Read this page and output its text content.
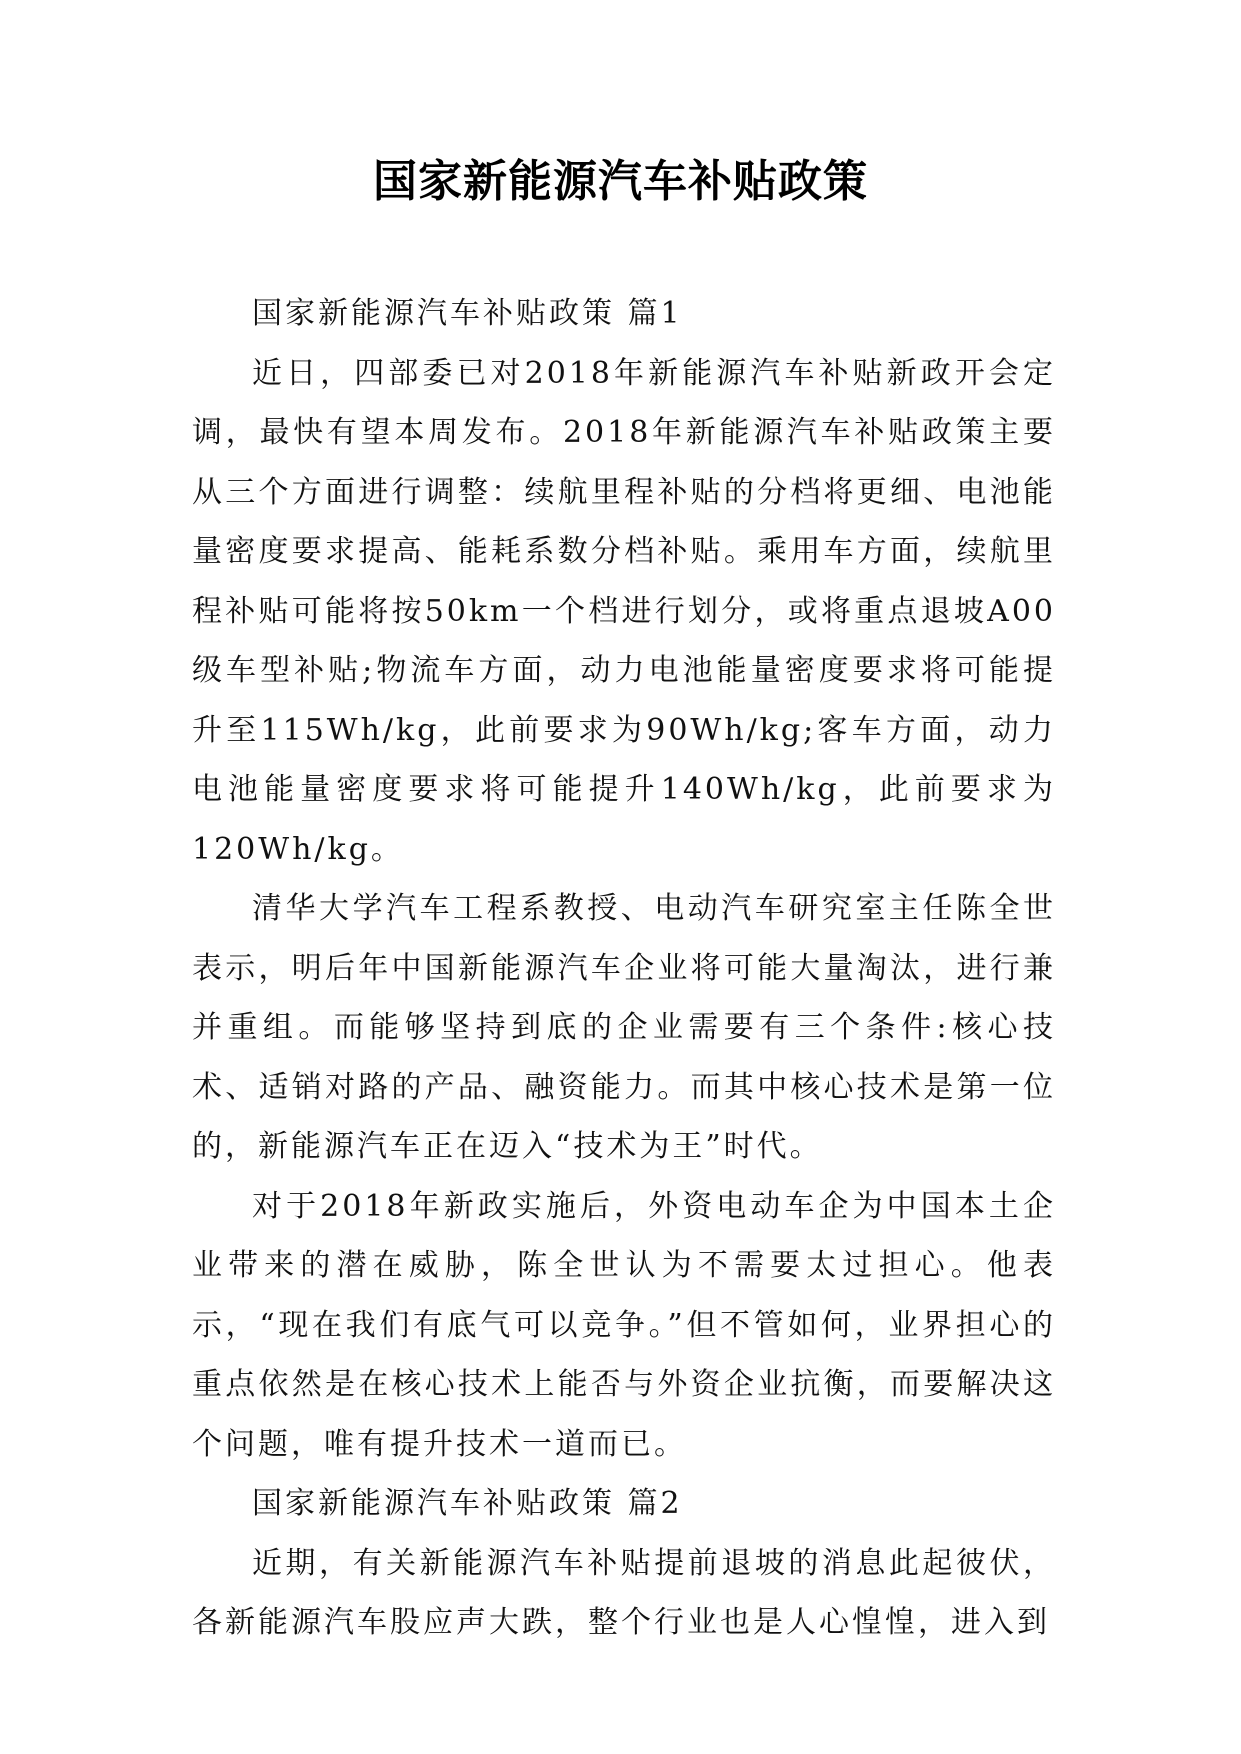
国家新能源汽车补贴政策

国家新能源汽车补贴政策 篇1

近日，四部委已对2018年新能源汽车补贴新政开会定调，最快有望本周发布。2018年新能源汽车补贴政策主要从三个方面进行调整：续航里程补贴的分档将更细、电池能量密度要求提高、能耗系数分档补贴。乘用车方面，续航里程补贴可能将按50km一个档进行划分，或将重点退坡A00级车型补贴;物流车方面，动力电池能量密度要求将可能提升至115Wh/kg，此前要求为90Wh/kg;客车方面，动力电池能量密度要求将可能提升140Wh/kg，此前要求为120Wh/kg。

清华大学汽车工程系教授、电动汽车研究室主任陈全世表示，明后年中国新能源汽车企业将可能大量淘汰，进行兼并重组。而能够坚持到底的企业需要有三个条件:核心技术、适销对路的产品、融资能力。而其中核心技术是第一位的，新能源汽车正在迈入“技术为王”时代。

对于2018年新政实施后，外资电动车企为中国本土企业带来的潜在威胁，陈全世认为不需要太过担心。他表示，“现在我们有底气可以竞争。”但不管如何，业界担心的重点依然是在核心技术上能否与外资企业抗衡，而要解决这个问题，唯有提升技术一道而已。

国家新能源汽车补贴政策 篇2

近期，有关新能源汽车补贴提前退坡的消息此起彼伏，各新能源汽车股应声大跌，整个行业也是人心惶惶，进入到
